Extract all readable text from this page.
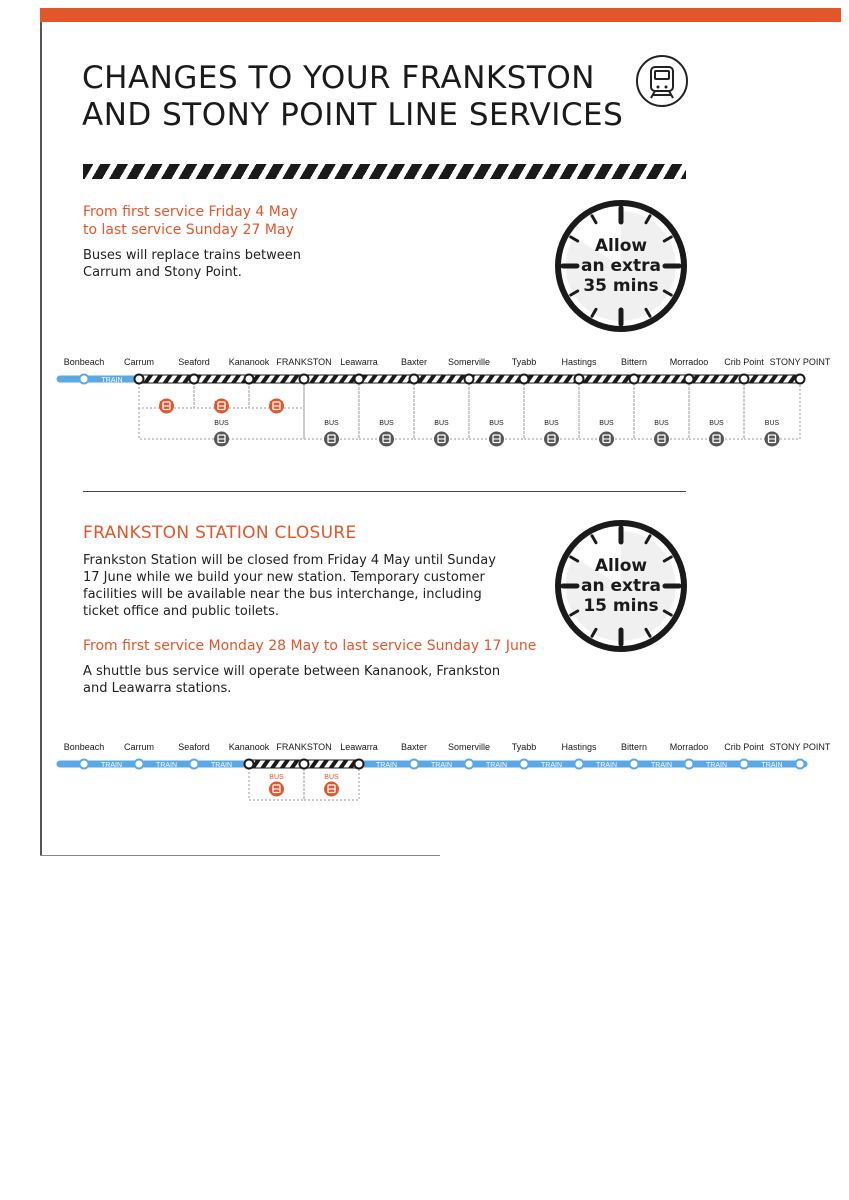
CHANGES TO YOUR FRANKSTON
AND STONY POINT LINE SERVICES
From first service Friday 4 May
to last service Sunday 27 May
Buses will replace trains between
Carrum and Stony Point.
Allow
an extra
35 mins
Bonbeach Carrum	Seaford Kananook FRANKSTON Leawarra	Baxter Somerville Tyabb	Hastings	Bittern	Morradoo Crib Point STONY POINT
TRAIN
BUS	BUS	BUS	BUS	BUS	BUS	BUS	BUS	BUS	BUS
FRANKSTON STATION CLOSURE
Frankston Station will be closed from Friday 4 May until Sunday
17 June while we build your new station. Temporary customer
facilities will be available near the bus interchange, including
ticket office and public toilets.
From first service Monday 28 May to last service Sunday 17 June
A shuttle bus service will operate between Kananook, Frankston
and Leawarra stations.
Allow
an extra
15 mins
Bonbeach Carrum	Seaford Kananook FRANKSTON Leawarra	Baxter Somerville Tyabb	Hastings	Bittern	Morradoo Crib Point STONY POINT
TRAIN	TRAIN	TRAIN	TRAIN	TRAIN	TRAIN	TRAIN	TRAIN	TRAIN	TRAIN	TRAIN
BUS	BUS
